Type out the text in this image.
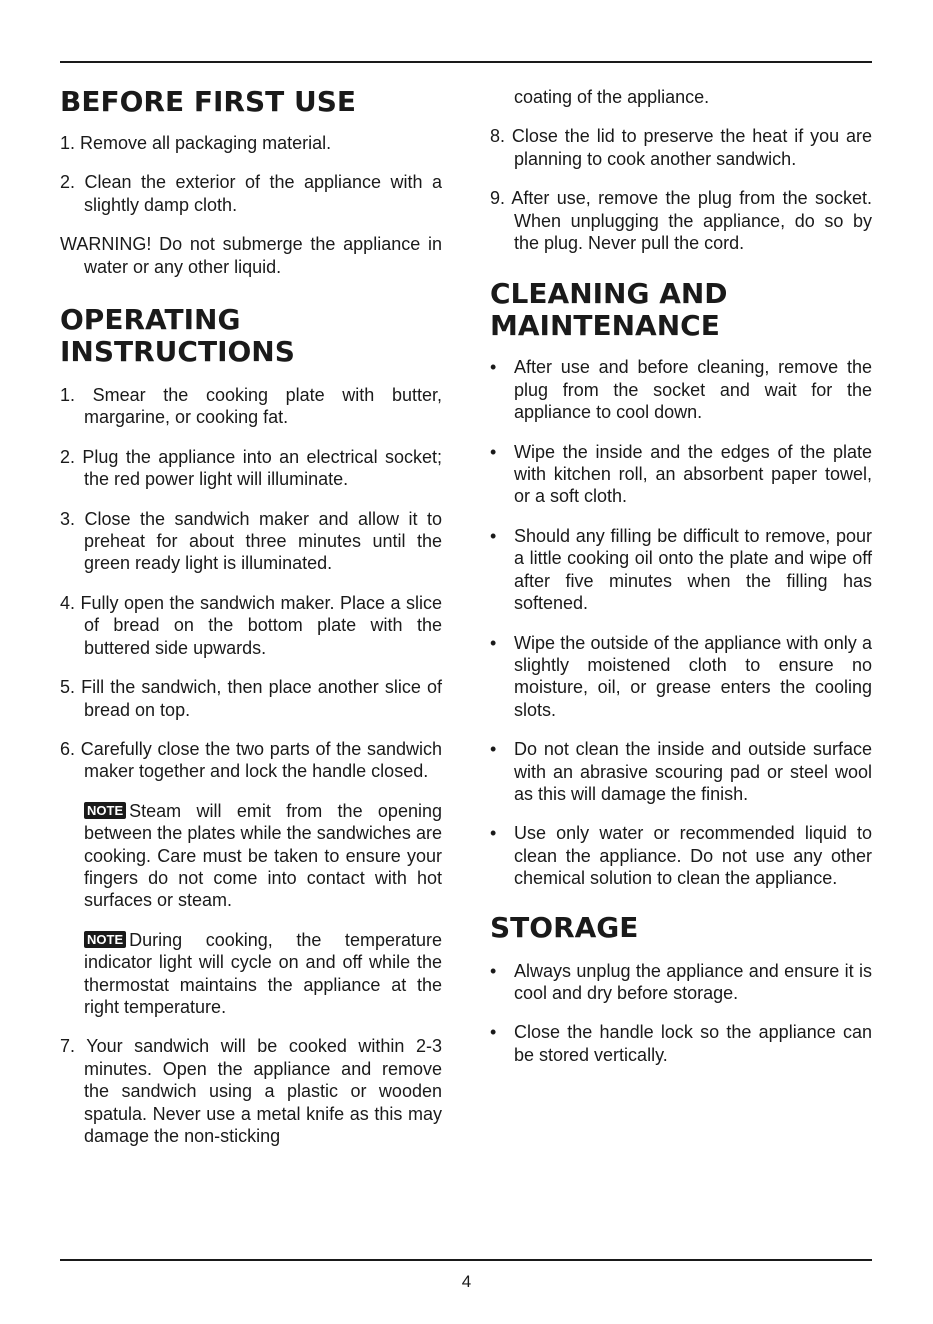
BEFORE FIRST USE

1. Remove all packaging material.

2. Clean the exterior of the appliance with a slightly damp cloth.

WARNING! Do not submerge the appliance in water or any other liquid.

OPERATING
INSTRUCTIONS

1. Smear the cooking plate with butter, margarine, or cooking fat.

2. Plug the appliance into an electrical socket; the red power light will illuminate.

3. Close the sandwich maker and allow it to preheat for about three minutes until the green ready light is illuminated.

4. Fully open the sandwich maker. Place a slice of bread on the bottom plate with the buttered side upwards.

5. Fill the sandwich, then place another slice of bread on top.

6. Carefully close the two parts of the sandwich maker together and lock the handle closed.

NOTE Steam will emit from the opening between the plates while the sandwiches are cooking. Care must be taken to ensure your fingers do not come into contact with hot surfaces or steam.

NOTE During cooking, the temperature indicator light will cycle on and off while the thermostat maintains the appliance at the right temperature.

7. Your sandwich will be cooked within 2-3 minutes. Open the appliance and remove the sandwich using a plastic or wooden spatula. Never use a metal knife as this may damage the non-sticking

coating of the appliance.

8. Close the lid to preserve the heat if you are planning to cook another sandwich.

9. After use, remove the plug from the socket. When unplugging the appliance, do so by the plug. Never pull the cord.

CLEANING AND
MAINTENANCE
• After use and before cleaning, remove the plug from the socket and wait for the appliance to cool down.
• Wipe the inside and the edges of the plate with kitchen roll, an absorbent paper towel, or a soft cloth.
• Should any filling be difficult to remove, pour a little cooking oil onto the plate and wipe off after five minutes when the filling has softened.
• Wipe the outside of the appliance with only a slightly moistened cloth to ensure no moisture, oil, or grease enters the cooling slots.
• Do not clean the inside and outside surface with an abrasive scouring pad or steel wool as this will damage the finish.
• Use only water or recommended liquid to clean the appliance. Do not use any other chemical solution to clean the appliance.
STORAGE
• Always unplug the appliance and ensure it is cool and dry before storage.
• Close the handle lock so the appliance can be stored vertically.
4
